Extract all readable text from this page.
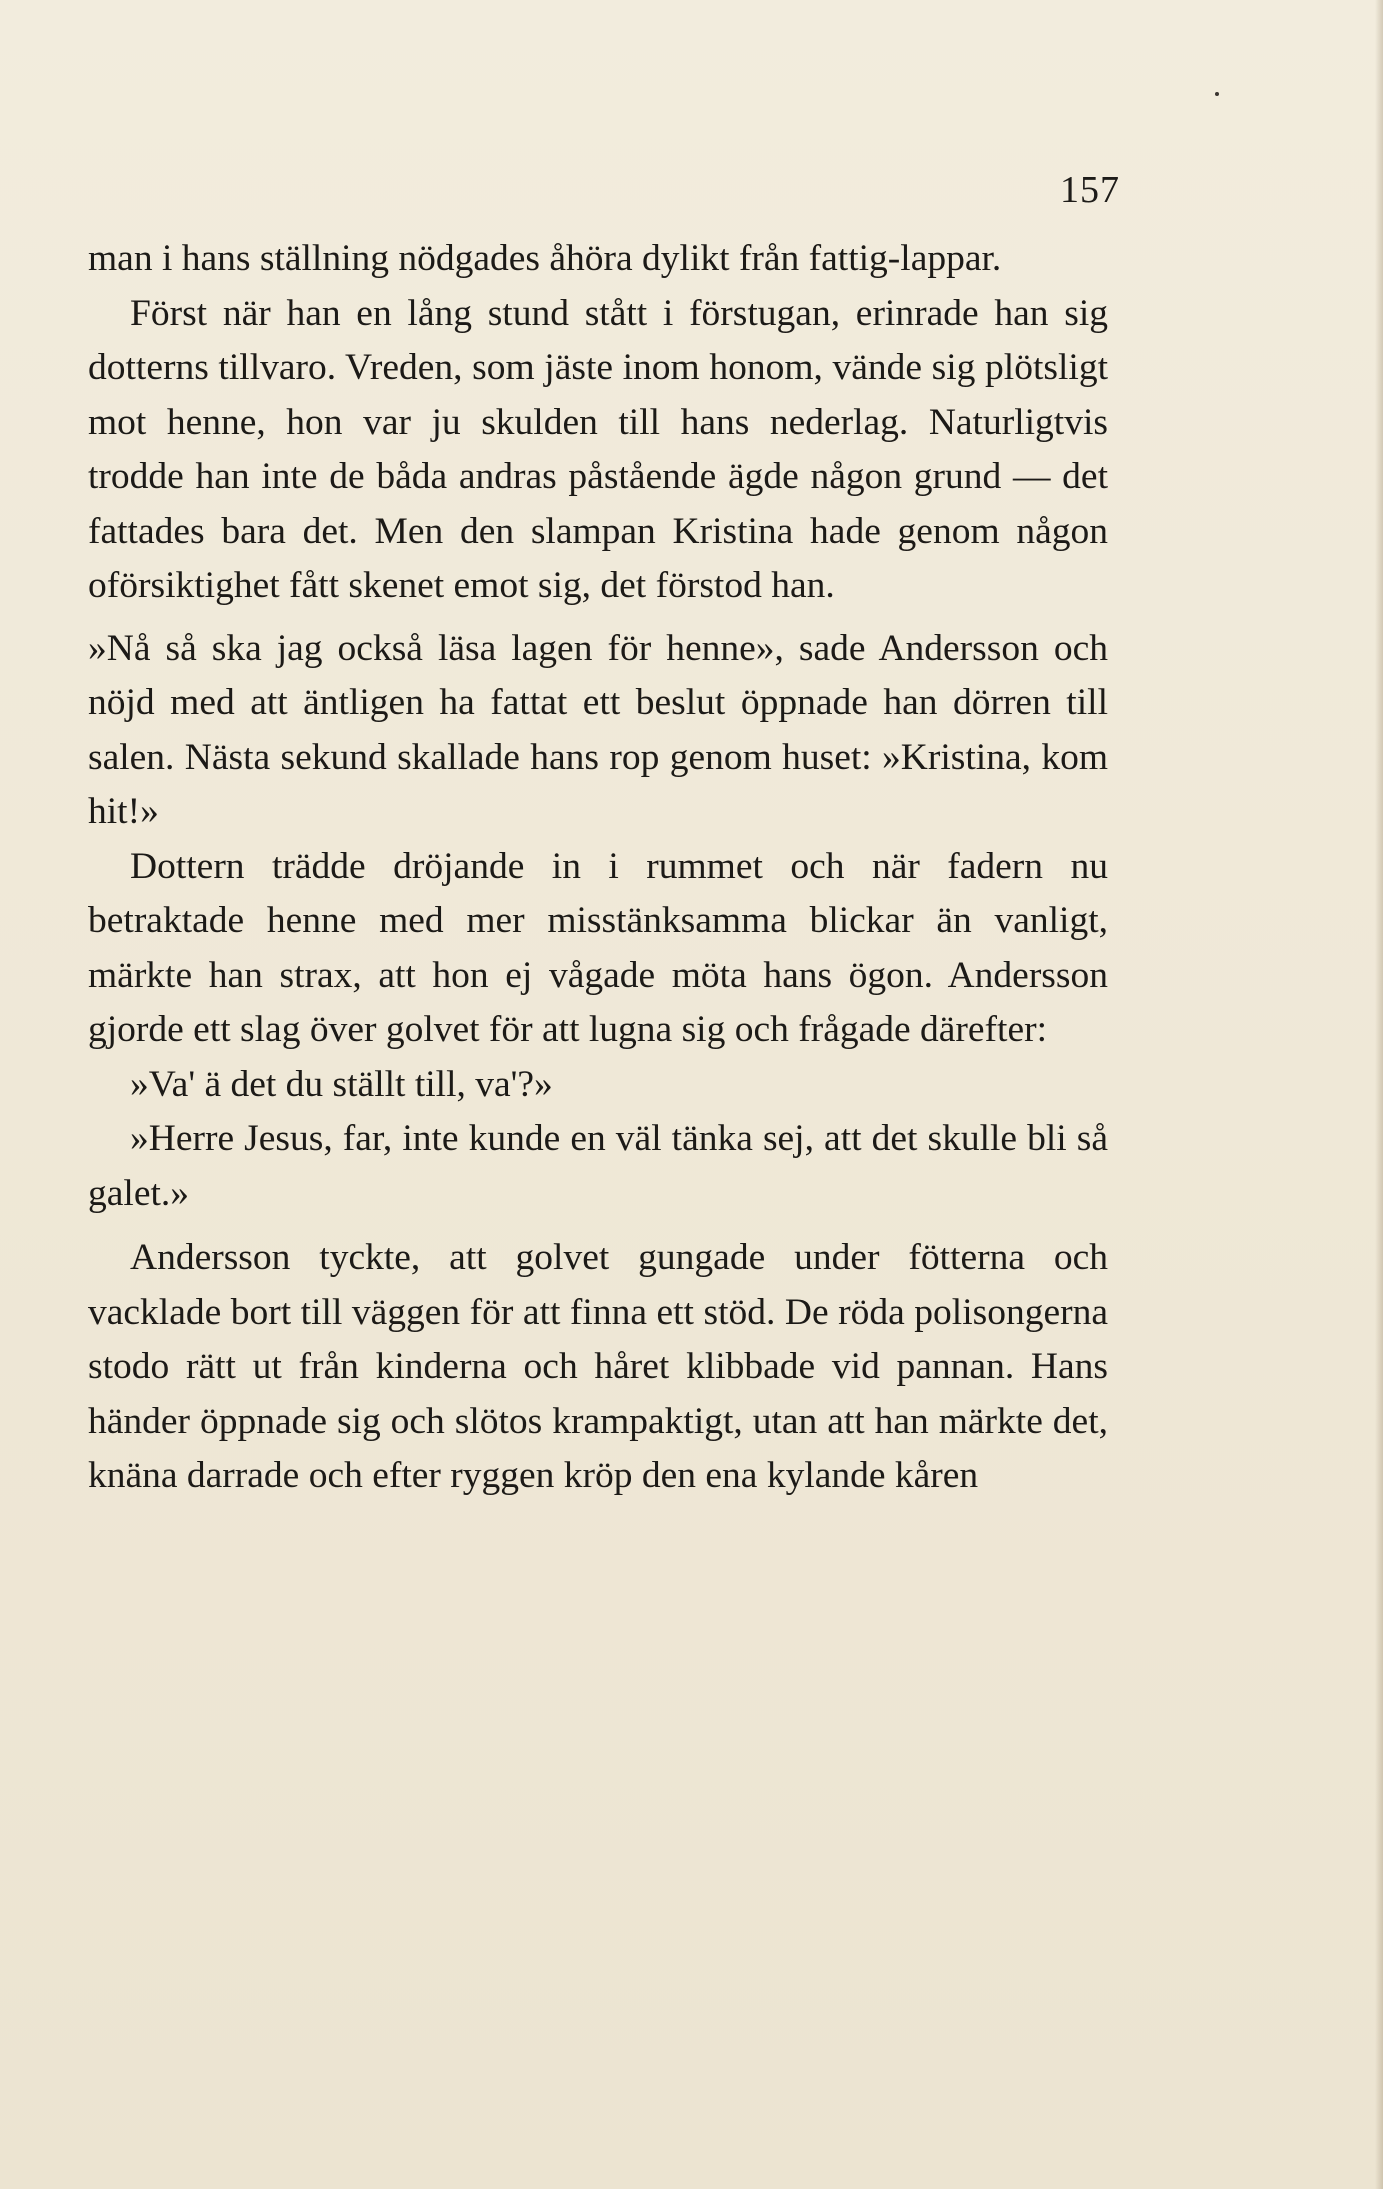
157

man i hans ställning nödgades åhöra dylikt från fattig-lappar.

Först när han en lång stund stått i förstugan, erinrade han sig dotterns tillvaro. Vreden, som jäste inom honom, vände sig plötsligt mot henne, hon var ju skulden till hans nederlag. Naturligtvis trodde han inte de båda andras påstående ägde någon grund — det fattades bara det. Men den slampan Kristina hade genom någon oförsiktighet fått skenet emot sig, det förstod han.

»Nå så ska jag också läsa lagen för henne», sade Andersson och nöjd med att äntligen ha fattat ett beslut öppnade han dörren till salen. Nästa sekund skallade hans rop genom huset: »Kristina, kom hit!»

Dottern trädde dröjande in i rummet och när fadern nu betraktade henne med mer misstänksamma blickar än vanligt, märkte han strax, att hon ej vågade möta hans ögon. Andersson gjorde ett slag över golvet för att lugna sig och frågade därefter:

»Va' ä det du ställt till, va'?»

»Herre Jesus, far, inte kunde en väl tänka sej, att det skulle bli så galet.»

Andersson tyckte, att golvet gungade under fötterna och vacklade bort till väggen för att finna ett stöd. De röda polisongerna stodo rätt ut från kinderna och håret klibbade vid pannan. Hans händer öppnade sig och slötos krampaktigt, utan att han märkte det, knäna darrade och efter ryggen kröp den ena kylande kåren
